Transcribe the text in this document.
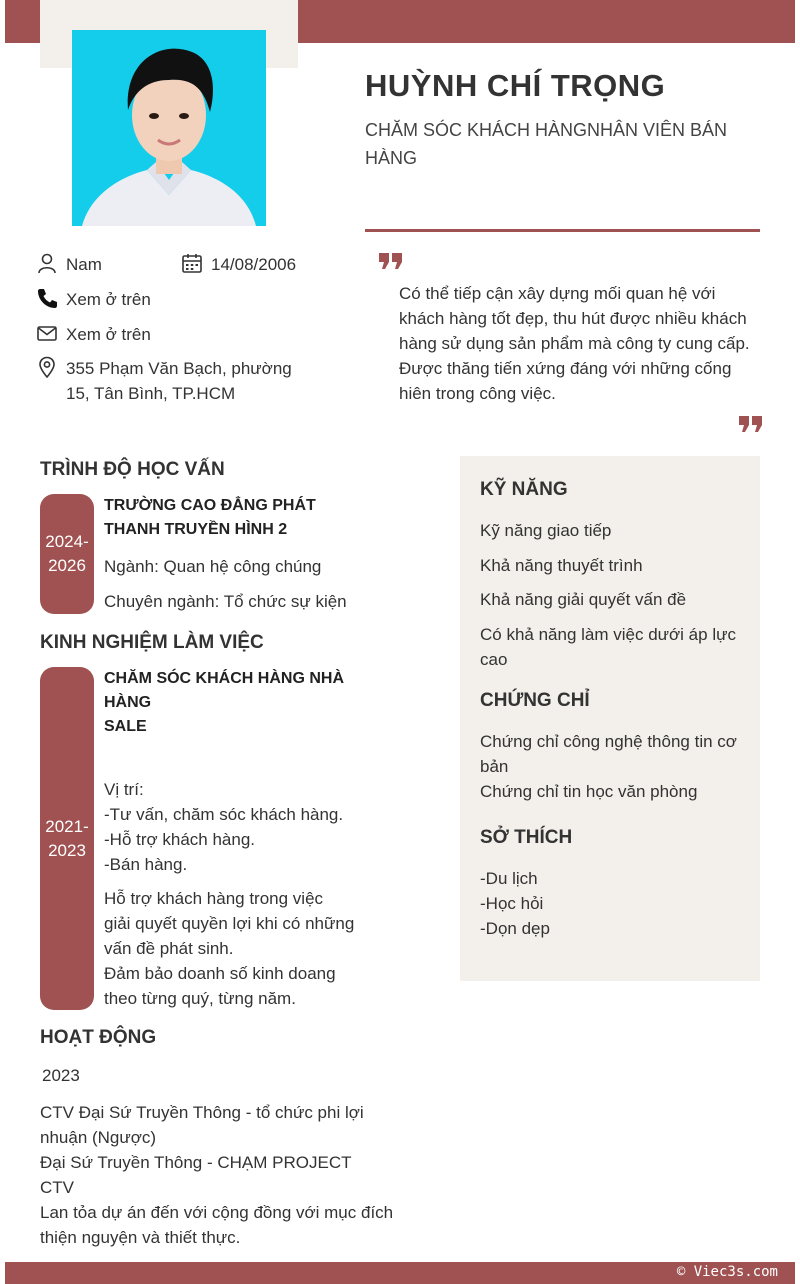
HUỲNH CHÍ TRỌNG
CHĂM SÓC KHÁCH HÀNGNHÂN VIÊN BÁN HÀNG
Nam	14/08/2006
Xem ở trên
Xem ở trên
355 Phạm Văn Bạch, phường
15, Tân Bình, TP.HCM
Có thể tiếp cận xây dựng mối quan hệ với
khách hàng tốt đẹp, thu hút được nhiều khách
hàng sử dụng sản phẩm mà công ty cung cấp.
Được thăng tiến xứng đáng với những cống
hiên trong công việc.
TRÌNH ĐỘ HỌC VẤN
2024-
2026
TRƯỜNG CAO ĐẲNG PHÁT
THANH TRUYỀN HÌNH 2
Ngành: Quan hệ công chúng
Chuyên ngành: Tổ chức sự kiện
KINH NGHIỆM LÀM VIỆC
2021-
2023
CHĂM SÓC KHÁCH HÀNG NHÀ
HÀNG
SALE
Vị trí:
-Tư vấn, chăm sóc khách hàng.
-Hỗ trợ khách hàng.
-Bán hàng.
Hỗ trợ khách hàng trong việc
giải quyết quyền lợi khi có những
vấn đề phát sinh.
Đảm bảo doanh số kinh doang
theo từng quý, từng năm.
HOẠT ĐỘNG
2023
CTV Đại Sứ Truyền Thông - tổ chức phi lợi
nhuận (Ngược)
Đại Sứ Truyền Thông - CHẠM PROJECT
CTV
Lan tỏa dự án đến với cộng đồng với mục đích
thiện nguyện và thiết thực.
KỸ NĂNG
Kỹ năng giao tiếp
Khả năng thuyết trình
Khả năng giải quyết vấn đề
Có khả năng làm việc dưới áp lực cao
CHỨNG CHỈ
Chứng chỉ công nghệ thông tin cơ bản
Chứng chỉ tin học văn phòng
SỞ THÍCH
-Du lịch
-Học hỏi
-Dọn dẹp
© Viec3s.com
